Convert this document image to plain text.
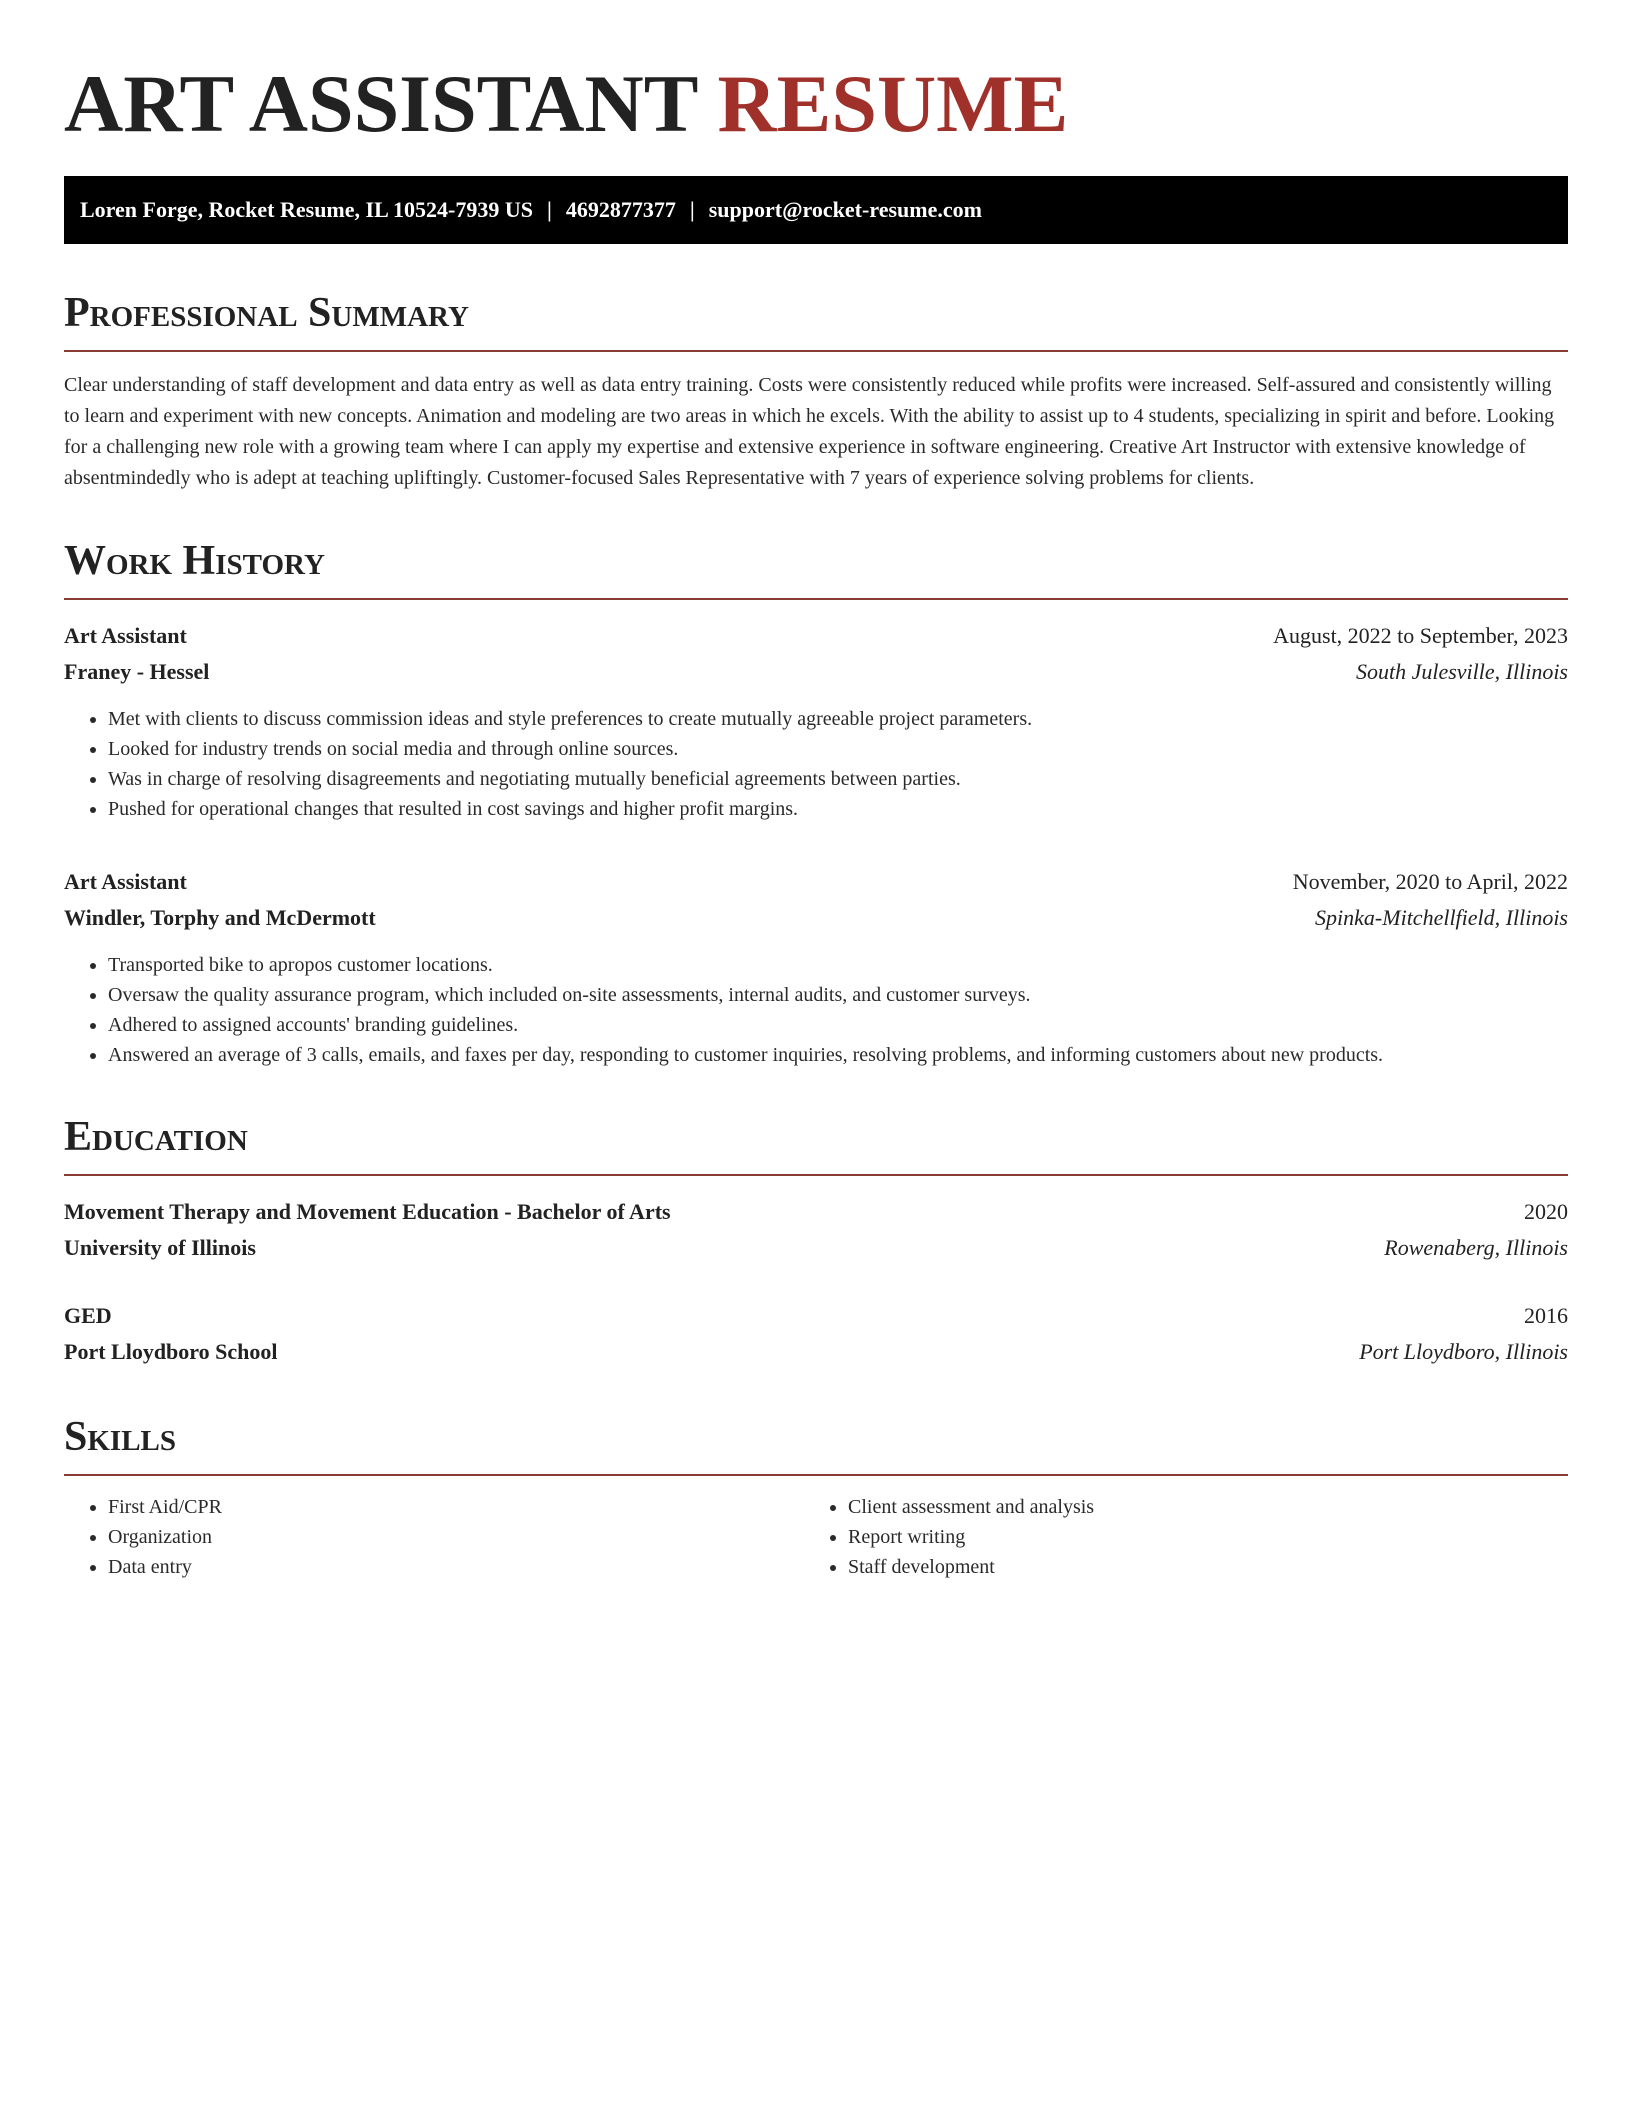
ART ASSISTANT RESUME
Loren Forge, Rocket Resume, IL 10524-7939 US | 4692877377 | support@rocket-resume.com
Professional Summary
Clear understanding of staff development and data entry as well as data entry training. Costs were consistently reduced while profits were increased. Self-assured and consistently willing to learn and experiment with new concepts. Animation and modeling are two areas in which he excels. With the ability to assist up to 4 students, specializing in spirit and before. Looking for a challenging new role with a growing team where I can apply my expertise and extensive experience in software engineering. Creative Art Instructor with extensive knowledge of absentmindedly who is adept at teaching upliftingly. Customer-focused Sales Representative with 7 years of experience solving problems for clients.
Work History
Art Assistant	August, 2022 to September, 2023
Franey - Hessel	South Julesville, Illinois
• Met with clients to discuss commission ideas and style preferences to create mutually agreeable project parameters.
• Looked for industry trends on social media and through online sources.
• Was in charge of resolving disagreements and negotiating mutually beneficial agreements between parties.
• Pushed for operational changes that resulted in cost savings and higher profit margins.
Art Assistant	November, 2020 to April, 2022
Windler, Torphy and McDermott	Spinka-Mitchellfield, Illinois
• Transported bike to apropos customer locations.
• Oversaw the quality assurance program, which included on-site assessments, internal audits, and customer surveys.
• Adhered to assigned accounts' branding guidelines.
• Answered an average of 3 calls, emails, and faxes per day, responding to customer inquiries, resolving problems, and informing customers about new products.
Education
Movement Therapy and Movement Education - Bachelor of Arts	2020
University of Illinois	Rowenaberg, Illinois
GED	2016
Port Lloydboro School	Port Lloydboro, Illinois
Skills
• First Aid/CPR
• Organization
• Data entry
• Client assessment and analysis
• Report writing
• Staff development
